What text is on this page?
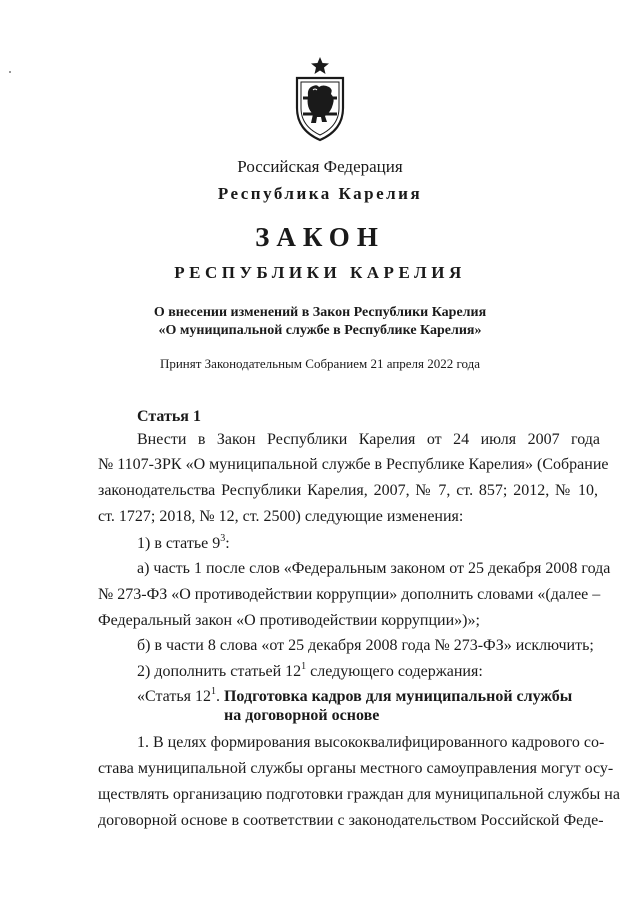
Российская Федерация
Республика Карелия
ЗАКОН
РЕСПУБЛИКИ КАРЕЛИЯ
О внесении изменений в Закон Республики Карелия
«О муниципальной службе в Республике Карелия»
Принят Законодательным Собранием 21 апреля 2022 года
Статья 1
Внести в Закон Республики Карелия от 24 июля 2007 года
№ 1107-ЗРК «О муниципальной службе в Республике Карелия» (Собрание
законодательства Республики Карелия, 2007, № 7, ст. 857; 2012, № 10,
ст. 1727; 2018, № 12, ст. 2500) следующие изменения:
1) в статье $9^3$:
а) часть 1 после слов «Федеральным законом от 25 декабря 2008 года
№ 273-ФЗ «О противодействии коррупции» дополнить словами «(далее –
Федеральный закон «О противодействии коррупции»)»;
б) в части 8 слова «от 25 декабря 2008 года № 273-ФЗ» исключить;
2) дополнить статьей $12^1$ следующего содержания:
«Статья $12^1$. Подготовка кадров для муниципальной службы
на договорной основе
1. В целях формирования высококвалифицированного кадрового со-
става муниципальной службы органы местного самоуправления могут осу-
ществлять организацию подготовки граждан для муниципальной службы на
договорной основе в соответствии с законодательством Российской Феде-
